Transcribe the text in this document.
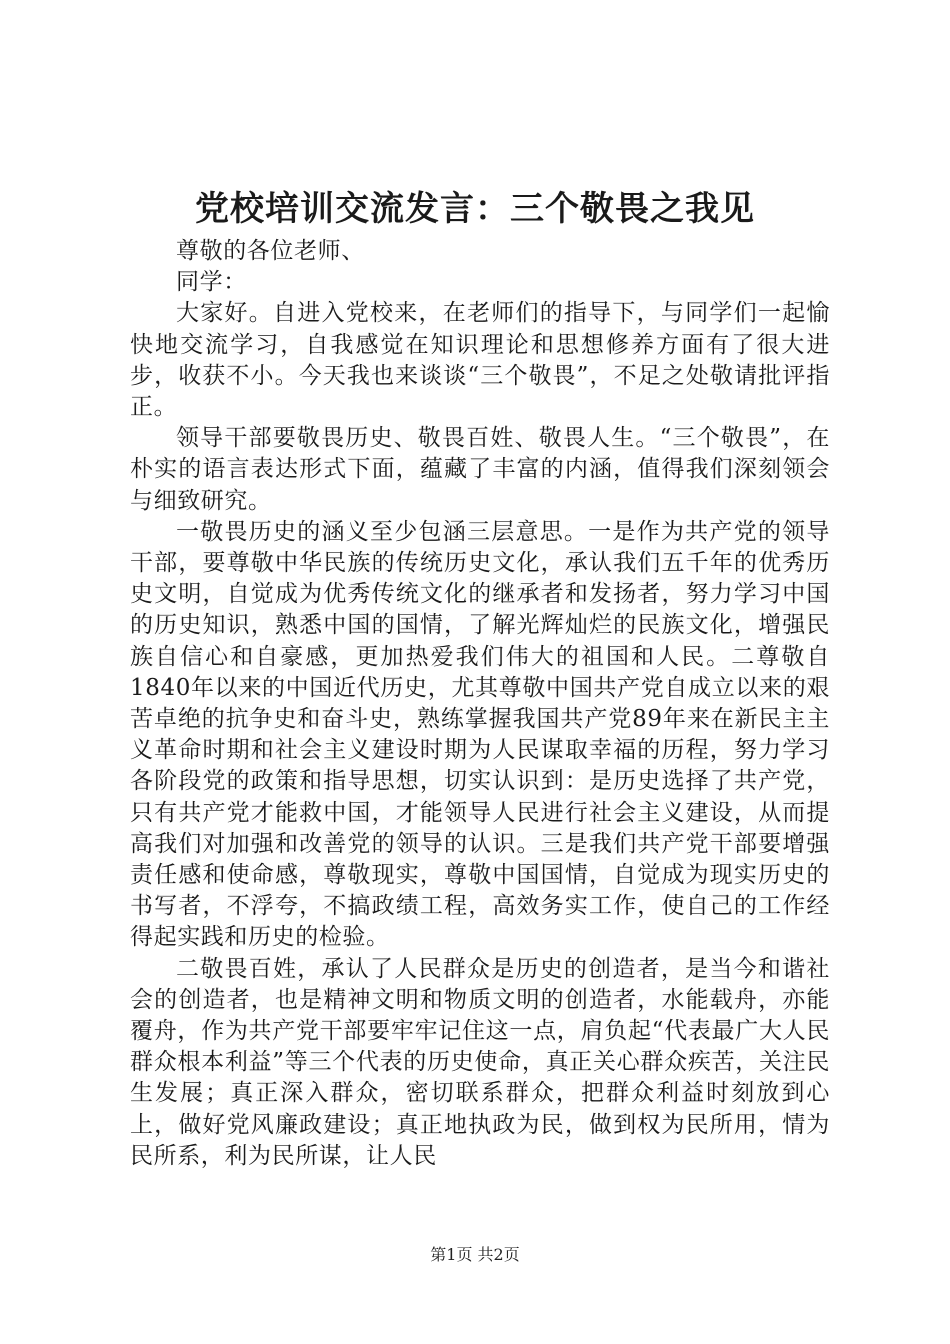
党校培训交流发言：三个敬畏之我见

尊敬的各位老师、

同学：

大家好。自进入党校来，在老师们的指导下，与同学们一起愉快地交流学习，自我感觉在知识理论和思想修养方面有了很大进步，收获不小。今天我也来谈谈“三个敬畏”，不足之处敬请批评指正。

领导干部要敬畏历史、敬畏百姓、敬畏人生。“三个敬畏”，在朴实的语言表达形式下面，蕴藏了丰富的内涵，值得我们深刻领会与细致研究。

一敬畏历史的涵义至少包涵三层意思。一是作为共产党的领导干部，要尊敬中华民族的传统历史文化，承认我们五千年的优秀历史文明，自觉成为优秀传统文化的继承者和发扬者，努力学习中国的历史知识，熟悉中国的国情，了解光辉灿烂的民族文化，增强民族自信心和自豪感，更加热爱我们伟大的祖国和人民。二尊敬自1840年以来的中国近代历史，尤其尊敬中国共产党自成立以来的艰苦卓绝的抗争史和奋斗史，熟练掌握我国共产党89年来在新民主主义革命时期和社会主义建设时期为人民谋取幸福的历程，努力学习各阶段党的政策和指导思想，切实认识到：是历史选择了共产党，只有共产党才能救中国，才能领导人民进行社会主义建设，从而提高我们对加强和改善党的领导的认识。三是我们共产党干部要增强责任感和使命感，尊敬现实，尊敬中国国情，自觉成为现实历史的书写者，不浮夸，不搞政绩工程，高效务实工作，使自己的工作经得起实践和历史的检验。

二敬畏百姓，承认了人民群众是历史的创造者，是当今和谐社会的创造者，也是精神文明和物质文明的创造者，水能载舟，亦能覆舟，作为共产党干部要牢牢记住这一点，肩负起“代表最广大人民群众根本利益”等三个代表的历史使命，真正关心群众疾苦，关注民生发展；真正深入群众，密切联系群众，把群众利益时刻放到心上，做好党风廉政建设；真正地执政为民，做到权为民所用，情为民所系，利为民所谋，让人民

第1页 共2页
